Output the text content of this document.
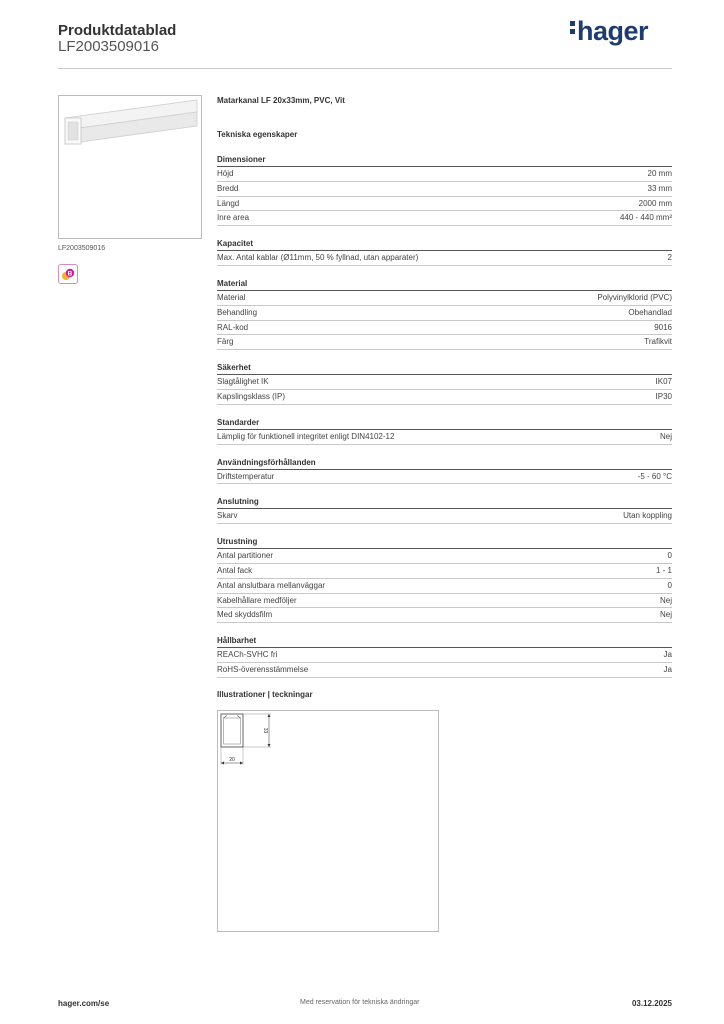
Produktdatablad
LF2003509016
hager
LF2003509016
B
Matarkanal LF 20x33mm, PVC, Vit
Tekniska egenskaper
Dimensioner
Höjd	20 mm
Bredd	33 mm
Längd	2000 mm
Inre area	440 - 440 mm²
Kapacitet
Max. Antal kablar (Ø11mm, 50 % fyllnad, utan apparater)	2
Material
Material	Polyvinylklorid (PVC)
Behandling	Obehandlad
RAL-kod	9016
Färg	Trafikvit
Säkerhet
Slagtålighet IK	IK07
Kapslingsklass (IP)	IP30
Standarder
Lämplig för funktionell integritet enligt DIN4102-12	Nej
Användningsförhållanden
Driftstemperatur	-5 - 60 °C
Anslutning
Skarv	Utan koppling
Utrustning
Antal partitioner	0
Antal fack	1 - 1
Antal anslutbara mellanväggar	0
Kabelhållare medföljer	Nej
Med skyddsfilm	Nej
Hållbarhet
REACh-SVHC fri	Ja
RoHS-överensstämmelse	Ja
Illustrationer | teckningar
33
20
hager.com/se	Med reservation för tekniska ändringar	03.12.2025
